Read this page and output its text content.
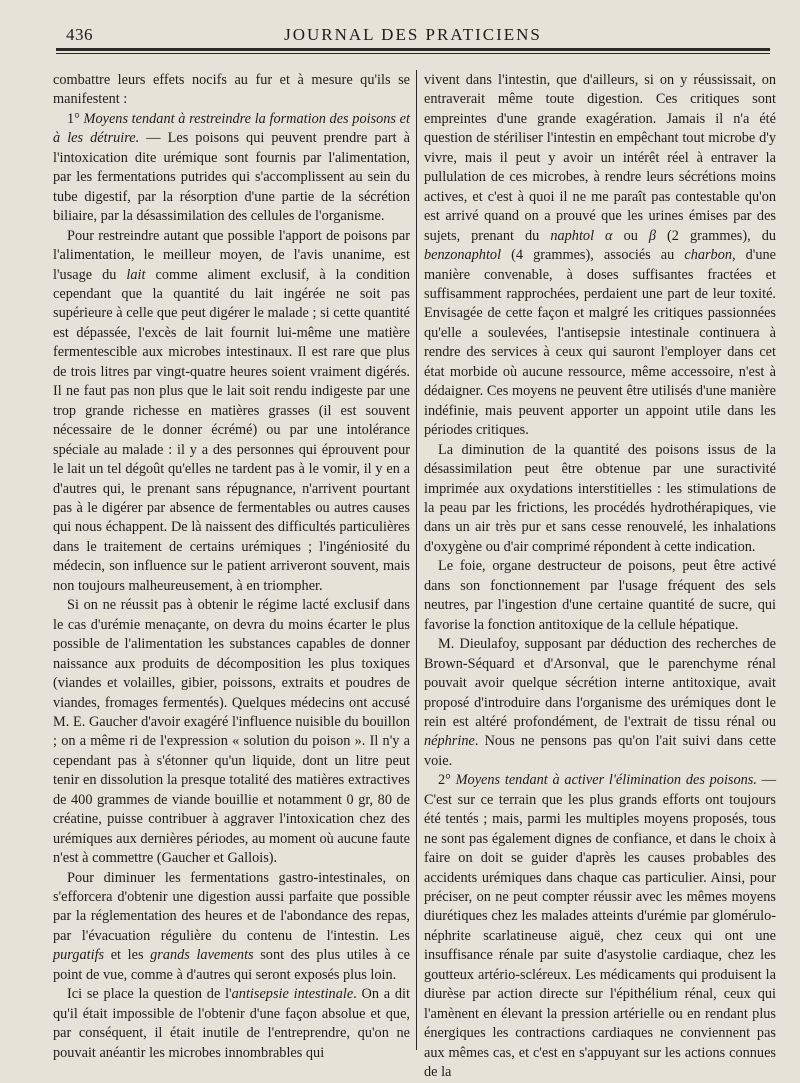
436	JOURNAL DES PRATICIENS

combattre leurs effets nocifs au fur et à mesure qu'ils se manifestent :

1° Moyens tendant à restreindre la formation des poisons et à les détruire. — Les poisons qui peuvent prendre part à l'intoxication dite urémique sont fournis par l'alimentation, par les fermentations putrides qui s'accomplissent au sein du tube digestif, par la résorption d'une partie de la sécrétion biliaire, par la désassimilation des cellules de l'organisme.

Pour restreindre autant que possible l'apport de poisons par l'alimentation, le meilleur moyen, de l'avis unanime, est l'usage du lait comme aliment exclusif, à la condition cependant que la quantité du lait ingérée ne soit pas supérieure à celle que peut digérer le malade ; si cette quantité est dépassée, l'excès de lait fournit lui-même une matière fermentescible aux microbes intestinaux. Il est rare que plus de trois litres par vingt-quatre heures soient vraiment digérés. Il ne faut pas non plus que le lait soit rendu indigeste par une trop grande richesse en matières grasses (il est souvent nécessaire de le donner écrémé) ou par une intolérance spéciale au malade : il y a des personnes qui éprouvent pour le lait un tel dégoût qu'elles ne tardent pas à le vomir, il y en a d'autres qui, le prenant sans répugnance, n'arrivent pourtant pas à le digérer par absence de fermentables ou autres causes qui nous échappent. De là naissent des difficultés particulières dans le traitement de certains urémiques ; l'ingéniosité du médecin, son influence sur le patient arriveront souvent, mais non toujours malheureusement, à en triompher.

Si on ne réussit pas à obtenir le régime lacté exclusif dans le cas d'urémie menaçante, on devra du moins écarter le plus possible de l'alimentation les substances capables de donner naissance aux produits de décomposition les plus toxiques (viandes et volailles, gibier, poissons, extraits et poudres de viandes, fromages fermentés). Quelques médecins ont accusé M. E. Gaucher d'avoir exagéré l'influence nuisible du bouillon ; on a même ri de l'expression « solution du poison ». Il n'y a cependant pas à s'étonner qu'un liquide, dont un litre peut tenir en dissolution la presque totalité des matières extractives de 400 grammes de viande bouillie et notamment 0 gr, 80 de créatine, puisse contribuer à aggraver l'intoxication chez des urémiques aux dernières périodes, au moment où aucune faute n'est à commettre (Gaucher et Gallois).

Pour diminuer les fermentations gastro-intestinales, on s'efforcera d'obtenir une digestion aussi parfaite que possible par la réglementation des heures et de l'abondance des repas, par l'évacuation régulière du contenu de l'intestin. Les purgatifs et les grands lavements sont des plus utiles à ce point de vue, comme à d'autres qui seront exposés plus loin.

Ici se place la question de l'antisepsie intestinale. On a dit qu'il était impossible de l'obtenir d'une façon absolue et que, par conséquent, il était inutile de l'entreprendre, qu'on ne pouvait anéantir les microbes innombrables qui

vivent dans l'intestin, que d'ailleurs, si on y réussissait, on entraverait même toute digestion. Ces critiques sont empreintes d'une grande exagération. Jamais il n'a été question de stériliser l'intestin en empêchant tout microbe d'y vivre, mais il peut y avoir un intérêt réel à entraver la pullulation de ces microbes, à rendre leurs sécrétions moins actives, et c'est à quoi il ne me paraît pas contestable qu'on est arrivé quand on a prouvé que les urines émises par des sujets, prenant du naphtol α ou β (2 grammes), du benzonaphtol (4 grammes), associés au charbon, d'une manière convenable, à doses suffisantes fractées et suffisamment rapprochées, perdaient une part de leur toxité. Envisagée de cette façon et malgré les critiques passionnées qu'elle a soulevées, l'antisepsie intestinale continuera à rendre des services à ceux qui sauront l'employer dans cet état morbide où aucune ressource, même accessoire, n'est à dédaigner. Ces moyens ne peuvent être utilisés d'une manière indéfinie, mais peuvent apporter un appoint utile dans les périodes critiques.

La diminution de la quantité des poisons issus de la désassimilation peut être obtenue par une suractivité imprimée aux oxydations interstitielles : les stimulations de la peau par les frictions, les procédés hydrothérapiques, vie dans un air très pur et sans cesse renouvelé, les inhalations d'oxygène ou d'air comprimé répondent à cette indication.

Le foie, organe destructeur de poisons, peut être activé dans son fonctionnement par l'usage fréquent des sels neutres, par l'ingestion d'une certaine quantité de sucre, qui favorise la fonction antitoxique de la cellule hépatique.

M. Dieulafoy, supposant par déduction des recherches de Brown-Séquard et d'Arsonval, que le parenchyme rénal pouvait avoir quelque sécrétion interne antitoxique, avait proposé d'introduire dans l'organisme des urémiques dont le rein est altéré profondément, de l'extrait de tissu rénal ou néphrine. Nous ne pensons pas qu'on l'ait suivi dans cette voie.

2° Moyens tendant à activer l'élimination des poisons. — C'est sur ce terrain que les plus grands efforts ont toujours été tentés ; mais, parmi les multiples moyens proposés, tous ne sont pas également dignes de confiance, et dans le choix à faire on doit se guider d'après les causes probables des accidents urémiques dans chaque cas particulier. Ainsi, pour préciser, on ne peut compter réussir avec les mêmes moyens diurétiques chez les malades atteints d'urémie par glomérulo-néphrite scarlatineuse aiguë, chez ceux qui ont une insuffisance rénale par suite d'asystolie cardiaque, chez les goutteux artério-scléreux. Les médicaments qui produisent la diurèse par action directe sur l'épithélium rénal, ceux qui l'amènent en élevant la pression artérielle ou en rendant plus énergiques les contractions cardiaques ne conviennent pas aux mêmes cas, et c'est en s'appuyant sur les actions connues de la
